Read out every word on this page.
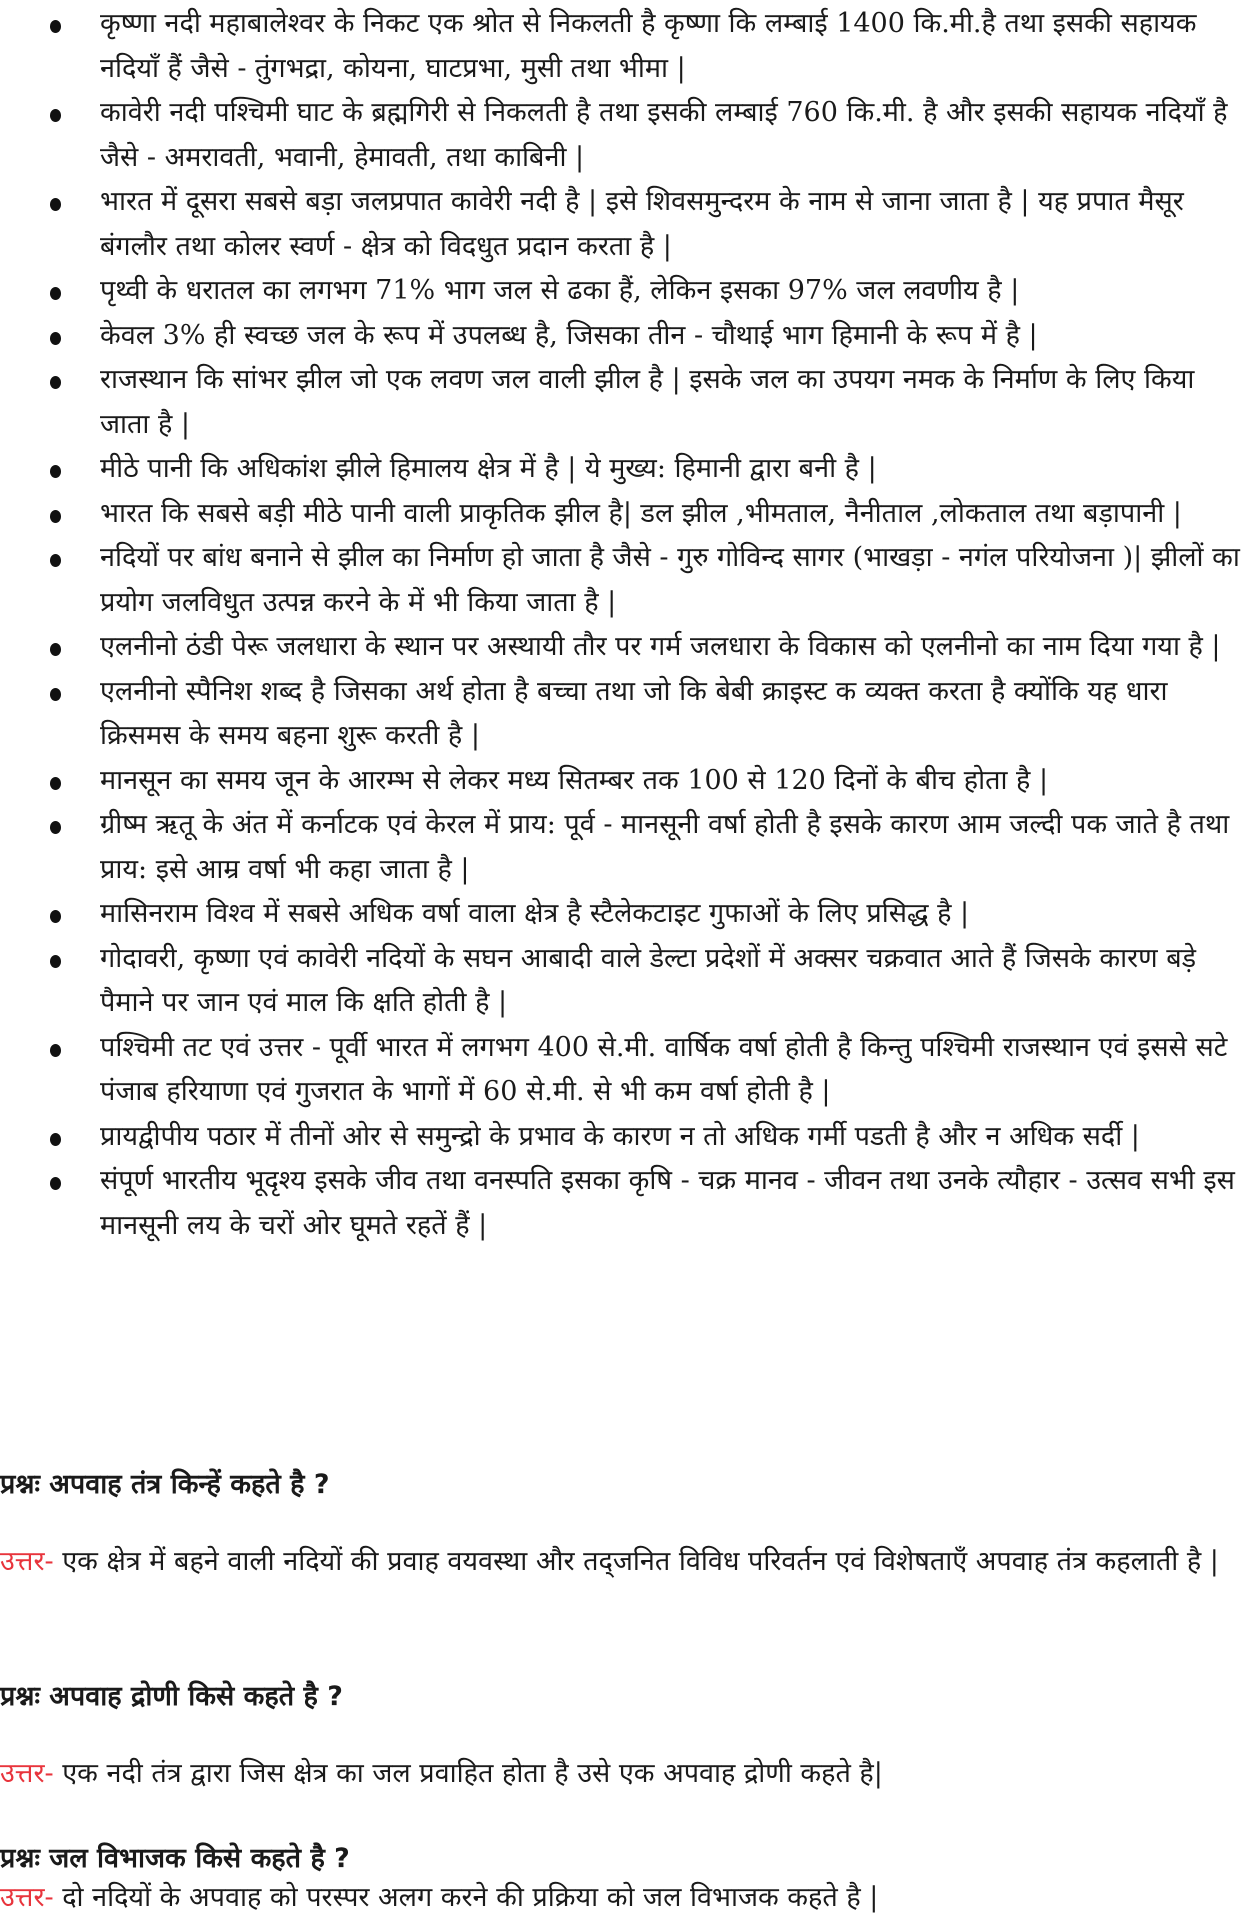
कृष्णा नदी महाबालेश्वर के निकट एक श्रोत से निकलती है कृष्णा कि लम्बाई 1400 कि.मी.है तथा इसकी सहायक नदियाँ हैं जैसे - तुंगभद्रा, कोयना, घाटप्रभा, मुसी तथा भीमा |
कावेरी नदी पश्चिमी घाट के ब्रह्मगिरी से निकलती है तथा इसकी लम्बाई 760 कि.मी. है और इसकी सहायक नदियाँ है जैसे - अमरावती, भवानी, हेमावती, तथा काबिनी |
भारत में दूसरा सबसे बड़ा जलप्रपात कावेरी नदी है | इसे शिवसमुन्दरम के नाम से जाना जाता है | यह प्रपात मैसूर बंगलौर तथा कोलर स्वर्ण - क्षेत्र को विदधुत प्रदान करता है |
पृथ्वी के धरातल का लगभग 71% भाग जल से ढका हैं, लेकिन इसका 97% जल लवणीय है |
केवल 3% ही स्वच्छ जल के रूप में उपलब्ध है, जिसका तीन - चौथाई भाग हिमानी के रूप में है |
राजस्थान कि सांभर झील जो एक लवण जल वाली झील है | इसके जल का उपयग नमक के निर्माण के लिए किया जाता है |
मीठे पानी कि अधिकांश झीले हिमालय क्षेत्र में है | ये मुख्य: हिमानी द्वारा बनी है |
भारत कि सबसे बड़ी मीठे पानी वाली प्राकृतिक झील है| डल झील ,भीमताल, नैनीताल ,लोकताल तथा बड़ापानी |
नदियों पर बांध बनाने से झील का निर्माण हो जाता है जैसे - गुरु गोविन्द सागर (भाखड़ा - नगंल परियोजना )| झीलों का प्रयोग जलविधुत उत्पन्न करने के में भी किया जाता है |
एलनीनो ठंडी पेरू जलधारा के स्थान पर अस्थायी तौर पर गर्म जलधारा के विकास को एलनीनो का नाम दिया गया है |
एलनीनो स्पैनिश शब्द है जिसका अर्थ होता है बच्चा तथा जो कि बेबी क्राइस्ट क व्यक्त करता है क्योंकि यह धारा क्रिसमस के समय बहना शुरू करती है |
मानसून का समय जून के आरम्भ से लेकर मध्य सितम्बर तक 100 से 120 दिनों के बीच होता है |
ग्रीष्म ऋतू के अंत में कर्नाटक एवं केरल में प्राय: पूर्व - मानसूनी वर्षा होती है इसके कारण आम जल्दी पक जाते है तथा प्राय: इसे आम्र वर्षा भी कहा जाता है |
मासिनराम विश्व में सबसे अधिक वर्षा वाला क्षेत्र है स्टैलेकटाइट गुफाओं के लिए प्रसिद्ध है |
गोदावरी, कृष्णा एवं कावेरी नदियों के सघन आबादी वाले डेल्टा प्रदेशों में अक्सर चक्रवात आते हैं जिसके कारण बड़े पैमाने पर जान एवं माल कि क्षति होती है |
पश्चिमी तट एवं उत्तर - पूर्वी भारत में लगभग 400 से.मी. वार्षिक वर्षा होती है किन्तु पश्चिमी राजस्थान एवं इससे सटे पंजाब हरियाणा एवं गुजरात के भागों में 60 से.मी. से भी कम वर्षा होती है |
प्रायद्वीपीय पठार में तीनों ओर से समुन्द्रो के प्रभाव के कारण न तो अधिक गर्मी पडती है और न अधिक सर्दी |
संपूर्ण भारतीय भूदृश्य इसके जीव तथा वनस्पति इसका कृषि - चक्र मानव - जीवन तथा उनके त्यौहार - उत्सव सभी इस मानसूनी लय के चरों ओर घूमते रहतें हैं |

प्रश्नः अपवाह तंत्र किन्हें कहते है ?

उत्तर- एक क्षेत्र में बहने वाली नदियों की प्रवाह वयवस्था और तद्जनित विविध परिवर्तन एवं विशेषताएँ अपवाह तंत्र कहलाती है |

प्रश्नः अपवाह द्रोणी किसे कहते है ?

उत्तर- एक नदी तंत्र द्वारा जिस क्षेत्र का जल प्रवाहित होता है उसे एक अपवाह द्रोणी कहते है|

प्रश्नः जल विभाजक किसे कहते है ?

उत्तर- दो नदियों के अपवाह को परस्पर अलग करने की प्रक्रिया को जल विभाजक कहते है |
